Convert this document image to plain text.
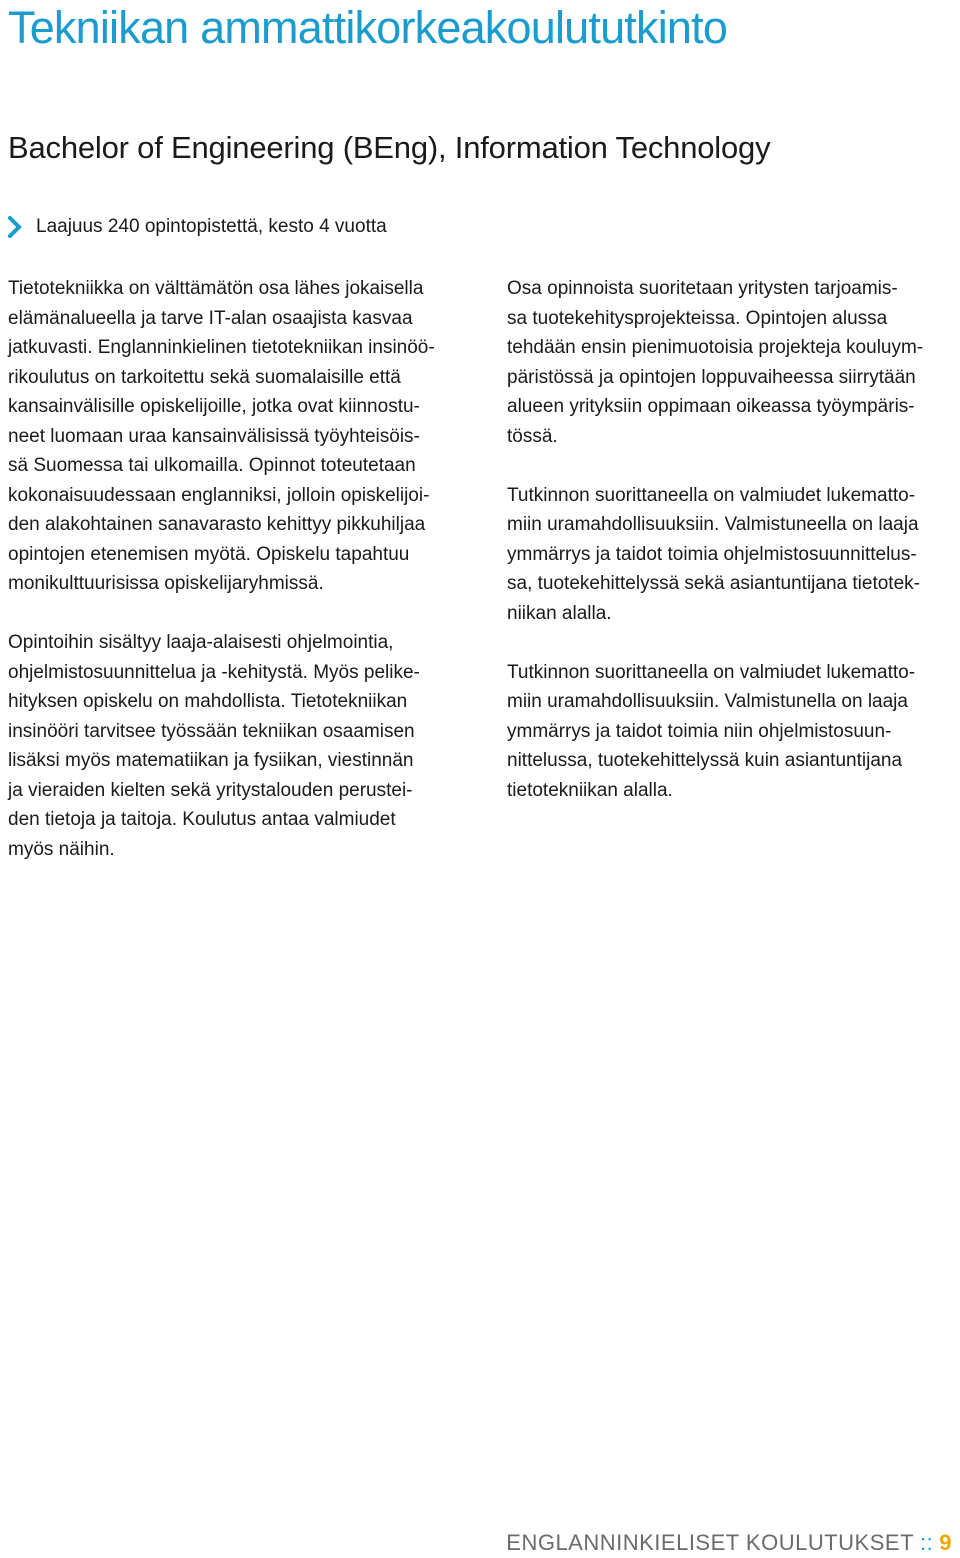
Tekniikan ammattikorkeakoulututkinto
Bachelor of Engineering (BEng), Information Technology
Laajuus 240 opintopistettä, kesto 4 vuotta

Tietotekniikka on välttämätön osa lähes jokaisella
elämänalueella ja tarve IT-alan osaajista kasvaa
jatkuvasti. Englanninkielinen tietotekniikan insinöö-
rikoulutus on tarkoitettu sekä suomalaisille että
kansainvälisille opiskelijoille, jotka ovat kiinnostu-
neet luomaan uraa kansainvälisissä työyhteisöis-
sä Suomessa tai ulkomailla. Opinnot toteutetaan
kokonaisuudessaan englanniksi, jolloin opiskelijoi-
den alakohtainen sanavarasto kehittyy pikkuhiljaa
opintojen etenemisen myötä. Opiskelu tapahtuu
monikulttuurisissa opiskelijaryhmissä.

Opintoihin sisältyy laaja-alaisesti ohjelmointia,
ohjelmistosuunnittelua ja -kehitystä. Myös pelike-
hityksen opiskelu on mahdollista. Tietotekniikan
insinööri tarvitsee työssään tekniikan osaamisen
lisäksi myös matematiikan ja fysiikan, viestinnän
ja vieraiden kielten sekä yritystalouden perustei-
den tietoja ja taitoja. Koulutus antaa valmiudet
myös näihin.

Osa opinnoista suoritetaan yritysten tarjoamis-
sa tuotekehitysprojekteissa. Opintojen alussa
tehdään ensin pienimuotoisia projekteja kouluym-
päristössä ja opintojen loppuvaiheessa siirrytään
alueen yrityksiin oppimaan oikeassa työympäris-
tössä.

Tutkinnon suorittaneella on valmiudet lukematto-
miin uramahdollisuuksiin. Valmistuneella on laaja
ymmärrys ja taidot toimia ohjelmistosuunnittelus-
sa, tuotekehittelyssä sekä asiantuntijana tietotek-
niikan alalla.

Tutkinnon suorittaneella on valmiudet lukematto-
miin uramahdollisuuksiin. Valmistunella on laaja
ymmärrys ja taidot toimia niin ohjelmistosuun-
nittelussa, tuotekehittelyssä kuin asiantuntijana
tietotekniikan alalla.

ENGLANNINKIELISET KOULUTUKSET :: 9
